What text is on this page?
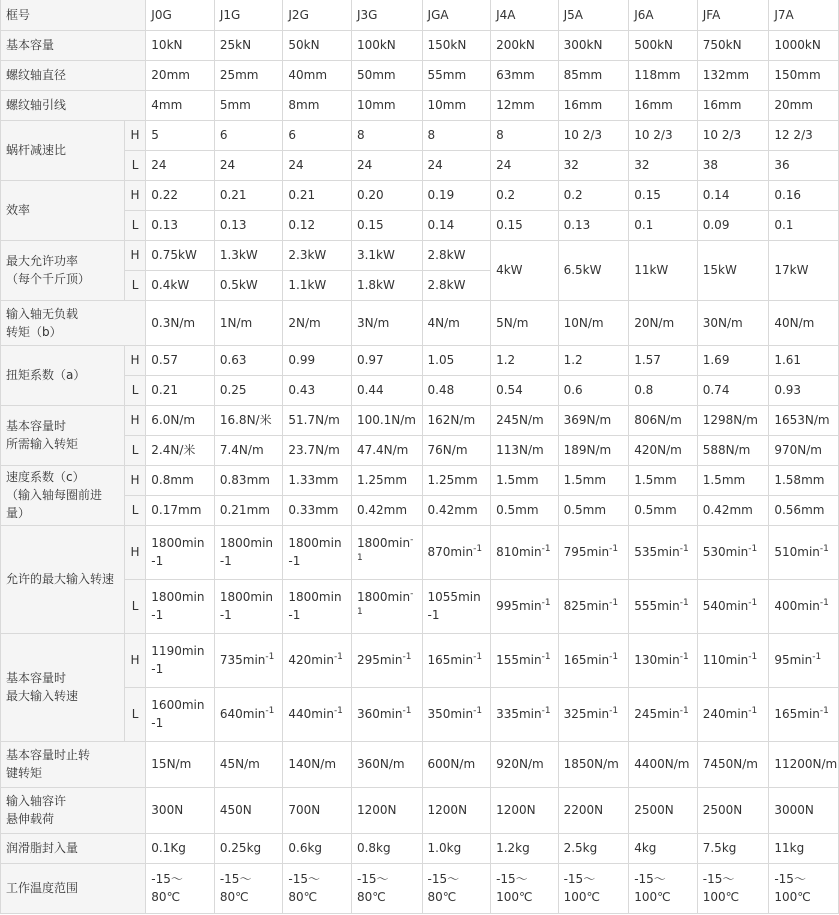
框号		J0G	J1G	J2G	J3G	JGA	J4A	J5A	J6A	JFA	J7A
基本容量		10kN	25kN	50kN	100kN	150kN	200kN	300kN	500kN	750kN	1000kN
螺纹轴直径		20mm	25mm	40mm	50mm	55mm	63mm	85mm	118mm	132mm	150mm
螺纹轴引线		4mm	5mm	8mm	10mm	10mm	12mm	16mm	16mm	16mm	20mm
蜗杆减速比	H	5	6	6	8	8	8	10 2/3	10 2/3	10 2/3	12 2/3
	L	24	24	24	24	24	24	32	32	38	36
效率	H	0.22	0.21	0.21	0.20	0.19	0.2	0.2	0.15	0.14	0.16
	L	0.13	0.13	0.12	0.15	0.14	0.15	0.13	0.1	0.09	0.1
最大允许功率
（每个千斤顶）	H	0.75kW	1.3kW	2.3kW	3.1kW	2.8kW	4kW	6.5kW	11kW	15kW	17kW
	L	0.4kW	0.5kW	1.1kW	1.8kW	2.8kW					
输入轴无负载
转矩（b）		0.3N/m	1N/m	2N/m	3N/m	4N/m	5N/m	10N/m	20N/m	30N/m	40N/m
扭矩系数（a）	H	0.57	0.63	0.99	0.97	1.05	1.2	1.2	1.57	1.69	1.61
	L	0.21	0.25	0.43	0.44	0.48	0.54	0.6	0.8	0.74	0.93
基本容量时
所需输入转矩	H	6.0N/m	16.8N/米	51.7N/m	100.1N/m	162N/m	245N/m	369N/m	806N/m	1298N/m	1653N/m
	L	2.4N/米	7.4N/m	23.7N/m	47.4N/m	76N/m	113N/m	189N/m	420N/m	588N/m	970N/m
速度系数（c）
（输入轴每圈前进量）	H	0.8mm	0.83mm	1.33mm	1.25mm	1.25mm	1.5mm	1.5mm	1.5mm	1.5mm	1.58mm
	L	0.17mm	0.21mm	0.33mm	0.42mm	0.42mm	0.5mm	0.5mm	0.5mm	0.42mm	0.56mm
允许的最大输入转速	H	1800min -1	1800min -1	1800min -1	$1800\min^{-1}$	$870\min^{-1}$	$810\min^{-1}$	$795\min^{-1}$	$535\min^{-1}$	$530\min^{-1}$	$510\min^{-1}$
	L	1800min -1	1800min -1	1800min -1	$1800\min^{-1}$	1055min -1	$995\min^{-1}$	$825\min^{-1}$	$555\min^{-1}$	$540\min^{-1}$	$400\min^{-1}$
基本容量时
最大输入转速	H	1190min -1	$735\min^{-1}$	$420\min^{-1}$	$295\min^{-1}$	$165\min^{-1}$	$155\min^{-1}$	$165\min^{-1}$	$130\min^{-1}$	$110\min^{-1}$	$95\min^{-1}$
	L	1600min -1	$640\min^{-1}$	$440\min^{-1}$	$360\min^{-1}$	$350\min^{-1}$	$335\min^{-1}$	$325\min^{-1}$	$245\min^{-1}$	$240\min^{-1}$	$165\min^{-1}$
基本容量时止转
键转矩		15N/m	45N/m	140N/m	360N/m	600N/m	920N/m	1850N/m	4400N/m	7450N/m	11200N/m
输入轴容许
悬伸载荷		300N	450N	700N	1200N	1200N	1200N	2200N	2500N	2500N	3000N
润滑脂封入量		0.1Kg	0.25kg	0.6kg	0.8kg	1.0kg	1.2kg	2.5kg	4kg	7.5kg	11kg
工作温度范围		-15～80℃	-15～80℃	-15～80℃	-15～80℃	-15～80℃	-15～ 100℃	-15～ 100℃	-15～ 100℃	-15～ 100℃	-15～100℃
